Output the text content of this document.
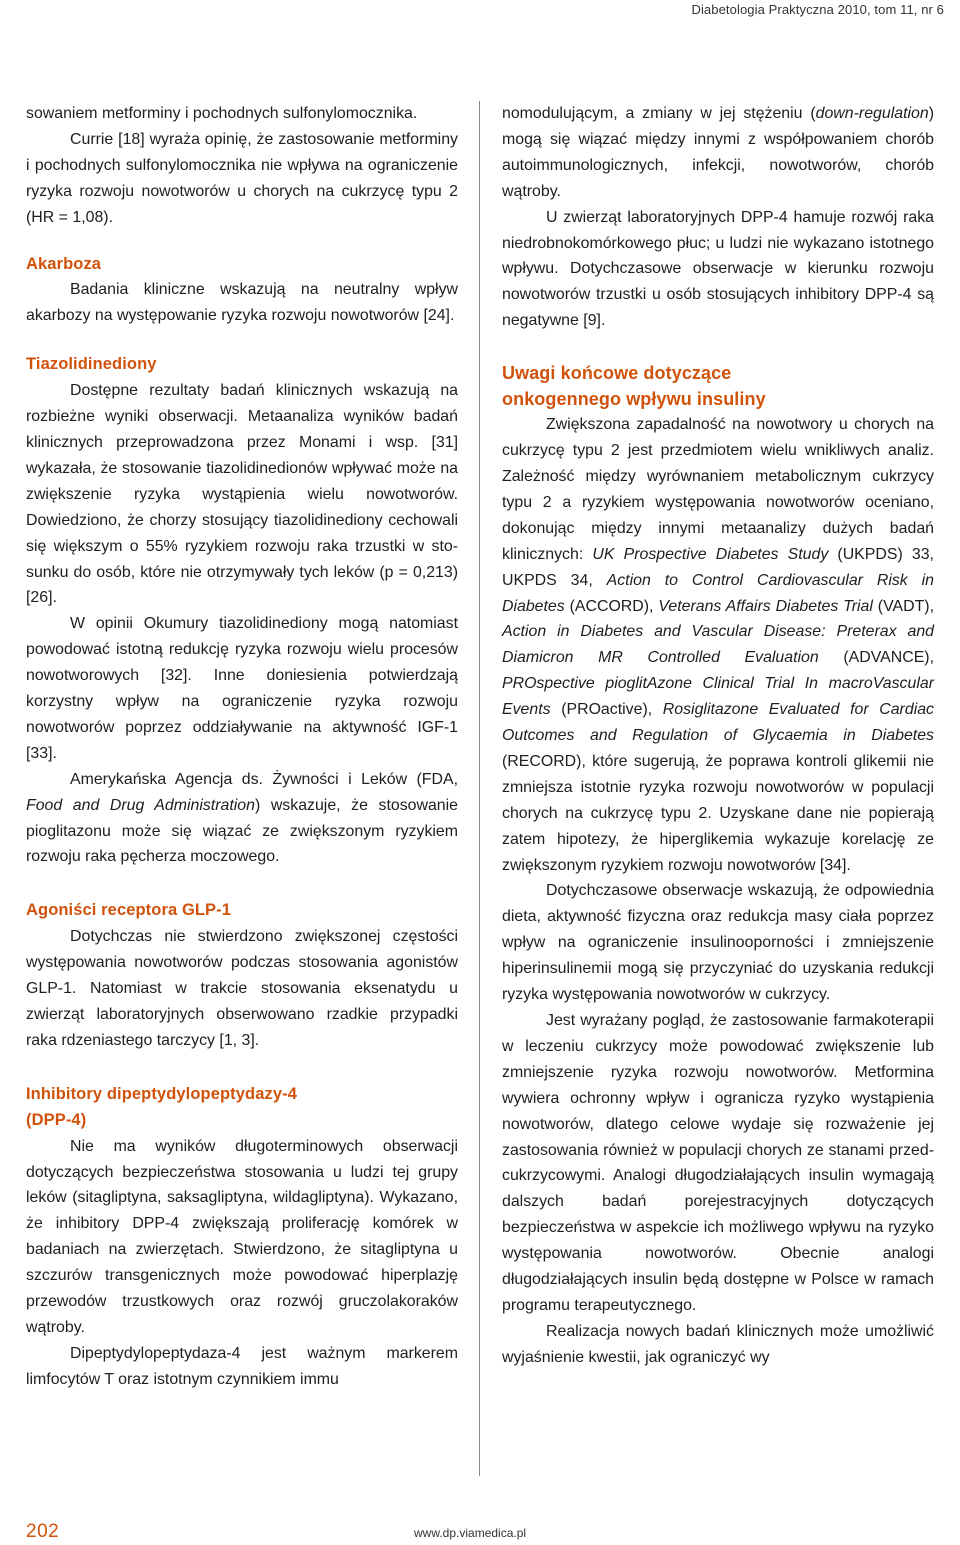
Diabetologia Praktyczna 2010, tom 11, nr 6

sowaniem metforminy i pochodnych sulfonylomocznika.

Currie [18] wyraża opinię, że zastosowanie metforminy i pochodnych sulfonylomocznika nie wpływa na ograniczenie ryzyka rozwoju nowotworów u chorych na cukrzycę typu 2 (HR = 1,08).

Akarboza

Badania kliniczne wskazują na neutralny wpływ akarbozy na występowanie ryzyka rozwoju nowotworów [24].

Tiazolidinediony

Dostępne rezultaty badań klinicznych wskazują na rozbieżne wyniki obserwacji. Metaanaliza wyników badań klinicznych przeprowadzona przez Monami i wsp. [31] wykazała, że stosowanie tiazolidinedionów wpływać może na zwiększenie ryzyka wystąpienia wielu nowotworów. Dowiedziono, że chorzy stosujący tiazolidinediony cechowali się większym o 55% ryzykiem rozwoju raka trzustki w stosunku do osób, które nie otrzymywały tych leków (p = 0,213) [26].

W opinii Okumury tiazolidinediony mogą natomiast powodować istotną redukcję ryzyka rozwoju wielu procesów nowotworowych [32]. Inne doniesienia potwierdzają korzystny wpływ na ograniczenie ryzyka rozwoju nowotworów poprzez oddziaływanie na aktywność IGF-1 [33].

Amerykańska Agencja ds. Żywności i Leków (FDA, Food and Drug Administration) wskazuje, że stosowanie pioglitazonu może się wiązać ze zwiększonym ryzykiem rozwoju raka pęcherza moczowego.

Agoniści receptora GLP-1

Dotychczas nie stwierdzono zwiększonej częstości występowania nowotworów podczas stosowania agonistów GLP-1. Natomiast w trakcie stosowania eksenatydu u zwierząt laboratoryjnych obserwowano rzadkie przypadki raka rdzeniastego tarczycy [1, 3].

Inhibitory dipeptydylopeptydazy-4
(DPP-4)

Nie ma wyników długoterminowych obserwacji dotyczących bezpieczeństwa stosowania u ludzi tej grupy leków (sitagliptyna, saksagliptyna, wildagliptyna). Wykazano, że inhibitory DPP-4 zwiększają proliferację komórek w badaniach na zwierzętach. Stwierdzono, że sitagliptyna u szczurów transgenicznych może powodować hiperplazję przewodów trzustkowych oraz rozwój gruczolakoraków wątroby.

Dipeptydylopeptydaza-4 jest ważnym markerem limfocytów T oraz istotnym czynnikiem immu

nomodulującym, a zmiany w jej stężeniu (down-regulation) mogą się wiązać między innymi z współpowaniem chorób autoimmunologicznych, infekcji, nowotworów, chorób wątroby.

U zwierząt laboratoryjnych DPP-4 hamuje rozwój raka niedrobnokomórkowego płuc; u ludzi nie wykazano istotnego wpływu. Dotychczasowe obserwacje w kierunku rozwoju nowotworów trzustki u osób stosujących inhibitory DPP-4 są negatywne [9].

Uwagi końcowe dotyczące
onkogennego wpływu insuliny

Zwiększona zapadalność na nowotwory u chorych na cukrzycę typu 2 jest przedmiotem wielu wnikliwych analiz. Zależność między wyrównaniem metabolicznym cukrzycy typu 2 a ryzykiem występowania nowotworów oceniano, dokonując między innymi metaanalizy dużych badań klinicznych: UK Prospective Diabetes Study (UKPDS) 33, UKPDS 34, Action to Control Cardiovascular Risk in Diabetes (ACCORD), Veterans Affairs Diabetes Trial (VADT), Action in Diabetes and Vascular Disease: Preterax and Diamicron MR Controlled Evaluation (ADVANCE), PROspective pioglitAzone Clinical Trial In macroVascular Events (PROactive), Rosiglitazone Evaluated for Cardiac Outcomes and Regulation of Glycaemia in Diabetes (RECORD), które sugerują, że poprawa kontroli glikemii nie zmniejsza istotnie ryzyka rozwoju nowotworów w populacji chorych na cukrzycę typu 2. Uzyskane dane nie popierają zatem hipotezy, że hiperglikemia wykazuje korelację ze zwiększonym ryzykiem rozwoju nowotworów [34].

Dotychczasowe obserwacje wskazują, że odpowiednia dieta, aktywność fizyczna oraz redukcja masy ciała poprzez wpływ na ograniczenie insulinooporności i zmniejszenie hiperinsulinemii mogą się przyczyniać do uzyskania redukcji ryzyka występowania nowotworów w cukrzycy.

Jest wyrażany pogląd, że zastosowanie farmakoterapii w leczeniu cukrzycy może powodować zwiększenie lub zmniejszenie ryzyka rozwoju nowotworów. Metformina wywiera ochronny wpływ i ogranicza ryzyko wystąpienia nowotworów, dlatego celowe wydaje się rozważenie jej zastosowania również w populacji chorych ze stanami przedcukrzycowymi. Analogi długodziałających insulin wymagają dalszych badań porejestracyjnych dotyczących bezpieczeństwa w aspekcie ich możliwego wpływu na ryzyko występowania nowotworów. Obecnie analogi długodziałających insulin będą dostępne w Polsce w ramach programu terapeutycznego.

Realizacja nowych badań klinicznych może umożliwić wyjaśnienie kwestii, jak ograniczyć wy

202	www.dp.viamedica.pl
